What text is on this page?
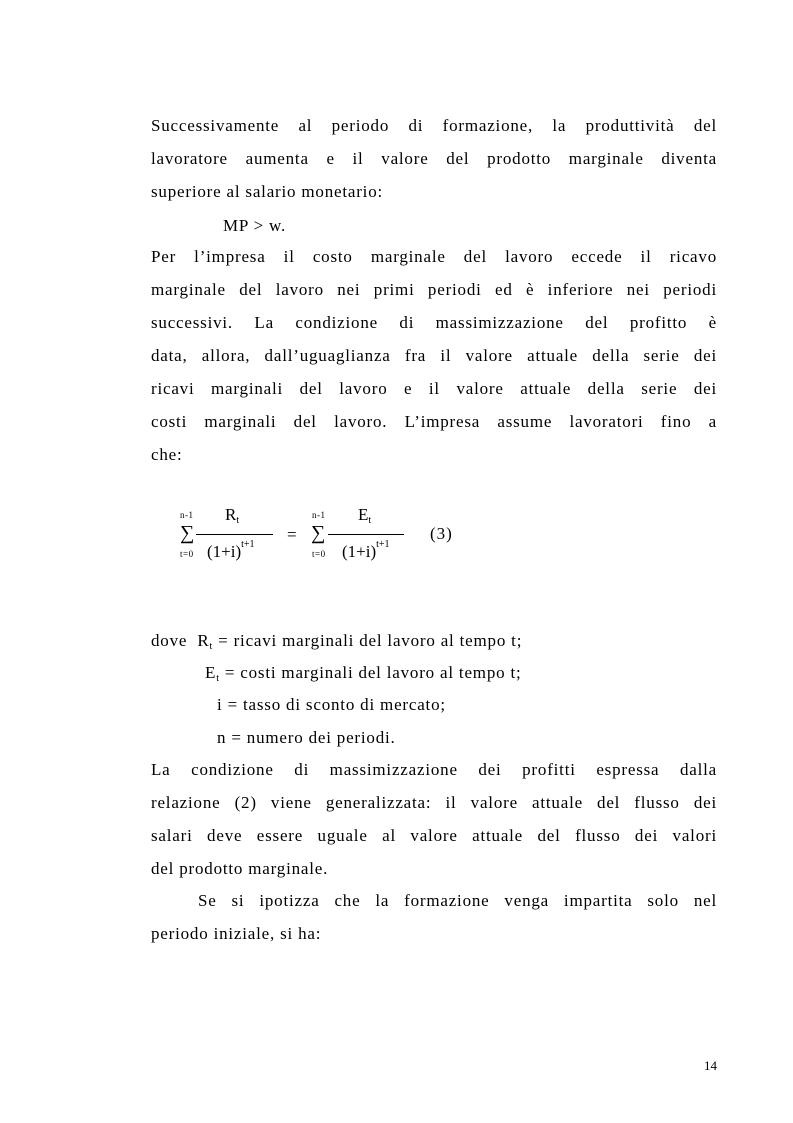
Successivamente al periodo di formazione, la produttività del
lavoratore aumenta e il valore del prodotto marginale diventa
superiore al salario monetario:
MP > w.
Per l’impresa il costo marginale del lavoro eccede il ricavo
marginale del lavoro nei primi periodi ed è inferiore nei periodi
successivi. La condizione di massimizzazione del profitto è
data, allora, dall’uguaglianza fra il valore attuale della serie dei
ricavi marginali del lavoro e il valore attuale della serie dei
costi marginali del lavoro. L’impresa assume lavoratori fino a
che:
n-1
∑
t=0
Rt
$(1+i)^{t+1}$
=
n-1
∑
t=0
Et
$(1+i)^{t+1}$
(3)
dove Rt = ricavi marginali del lavoro al tempo t;
Et = costi marginali del lavoro al tempo t;
i = tasso di sconto di mercato;
n = numero dei periodi.
La condizione di massimizzazione dei profitti espressa dalla
relazione (2) viene generalizzata: il valore attuale del flusso dei
salari deve essere uguale al valore attuale del flusso dei valori
del prodotto marginale.
Se si ipotizza che la formazione venga impartita solo nel
periodo iniziale, si ha:
14
